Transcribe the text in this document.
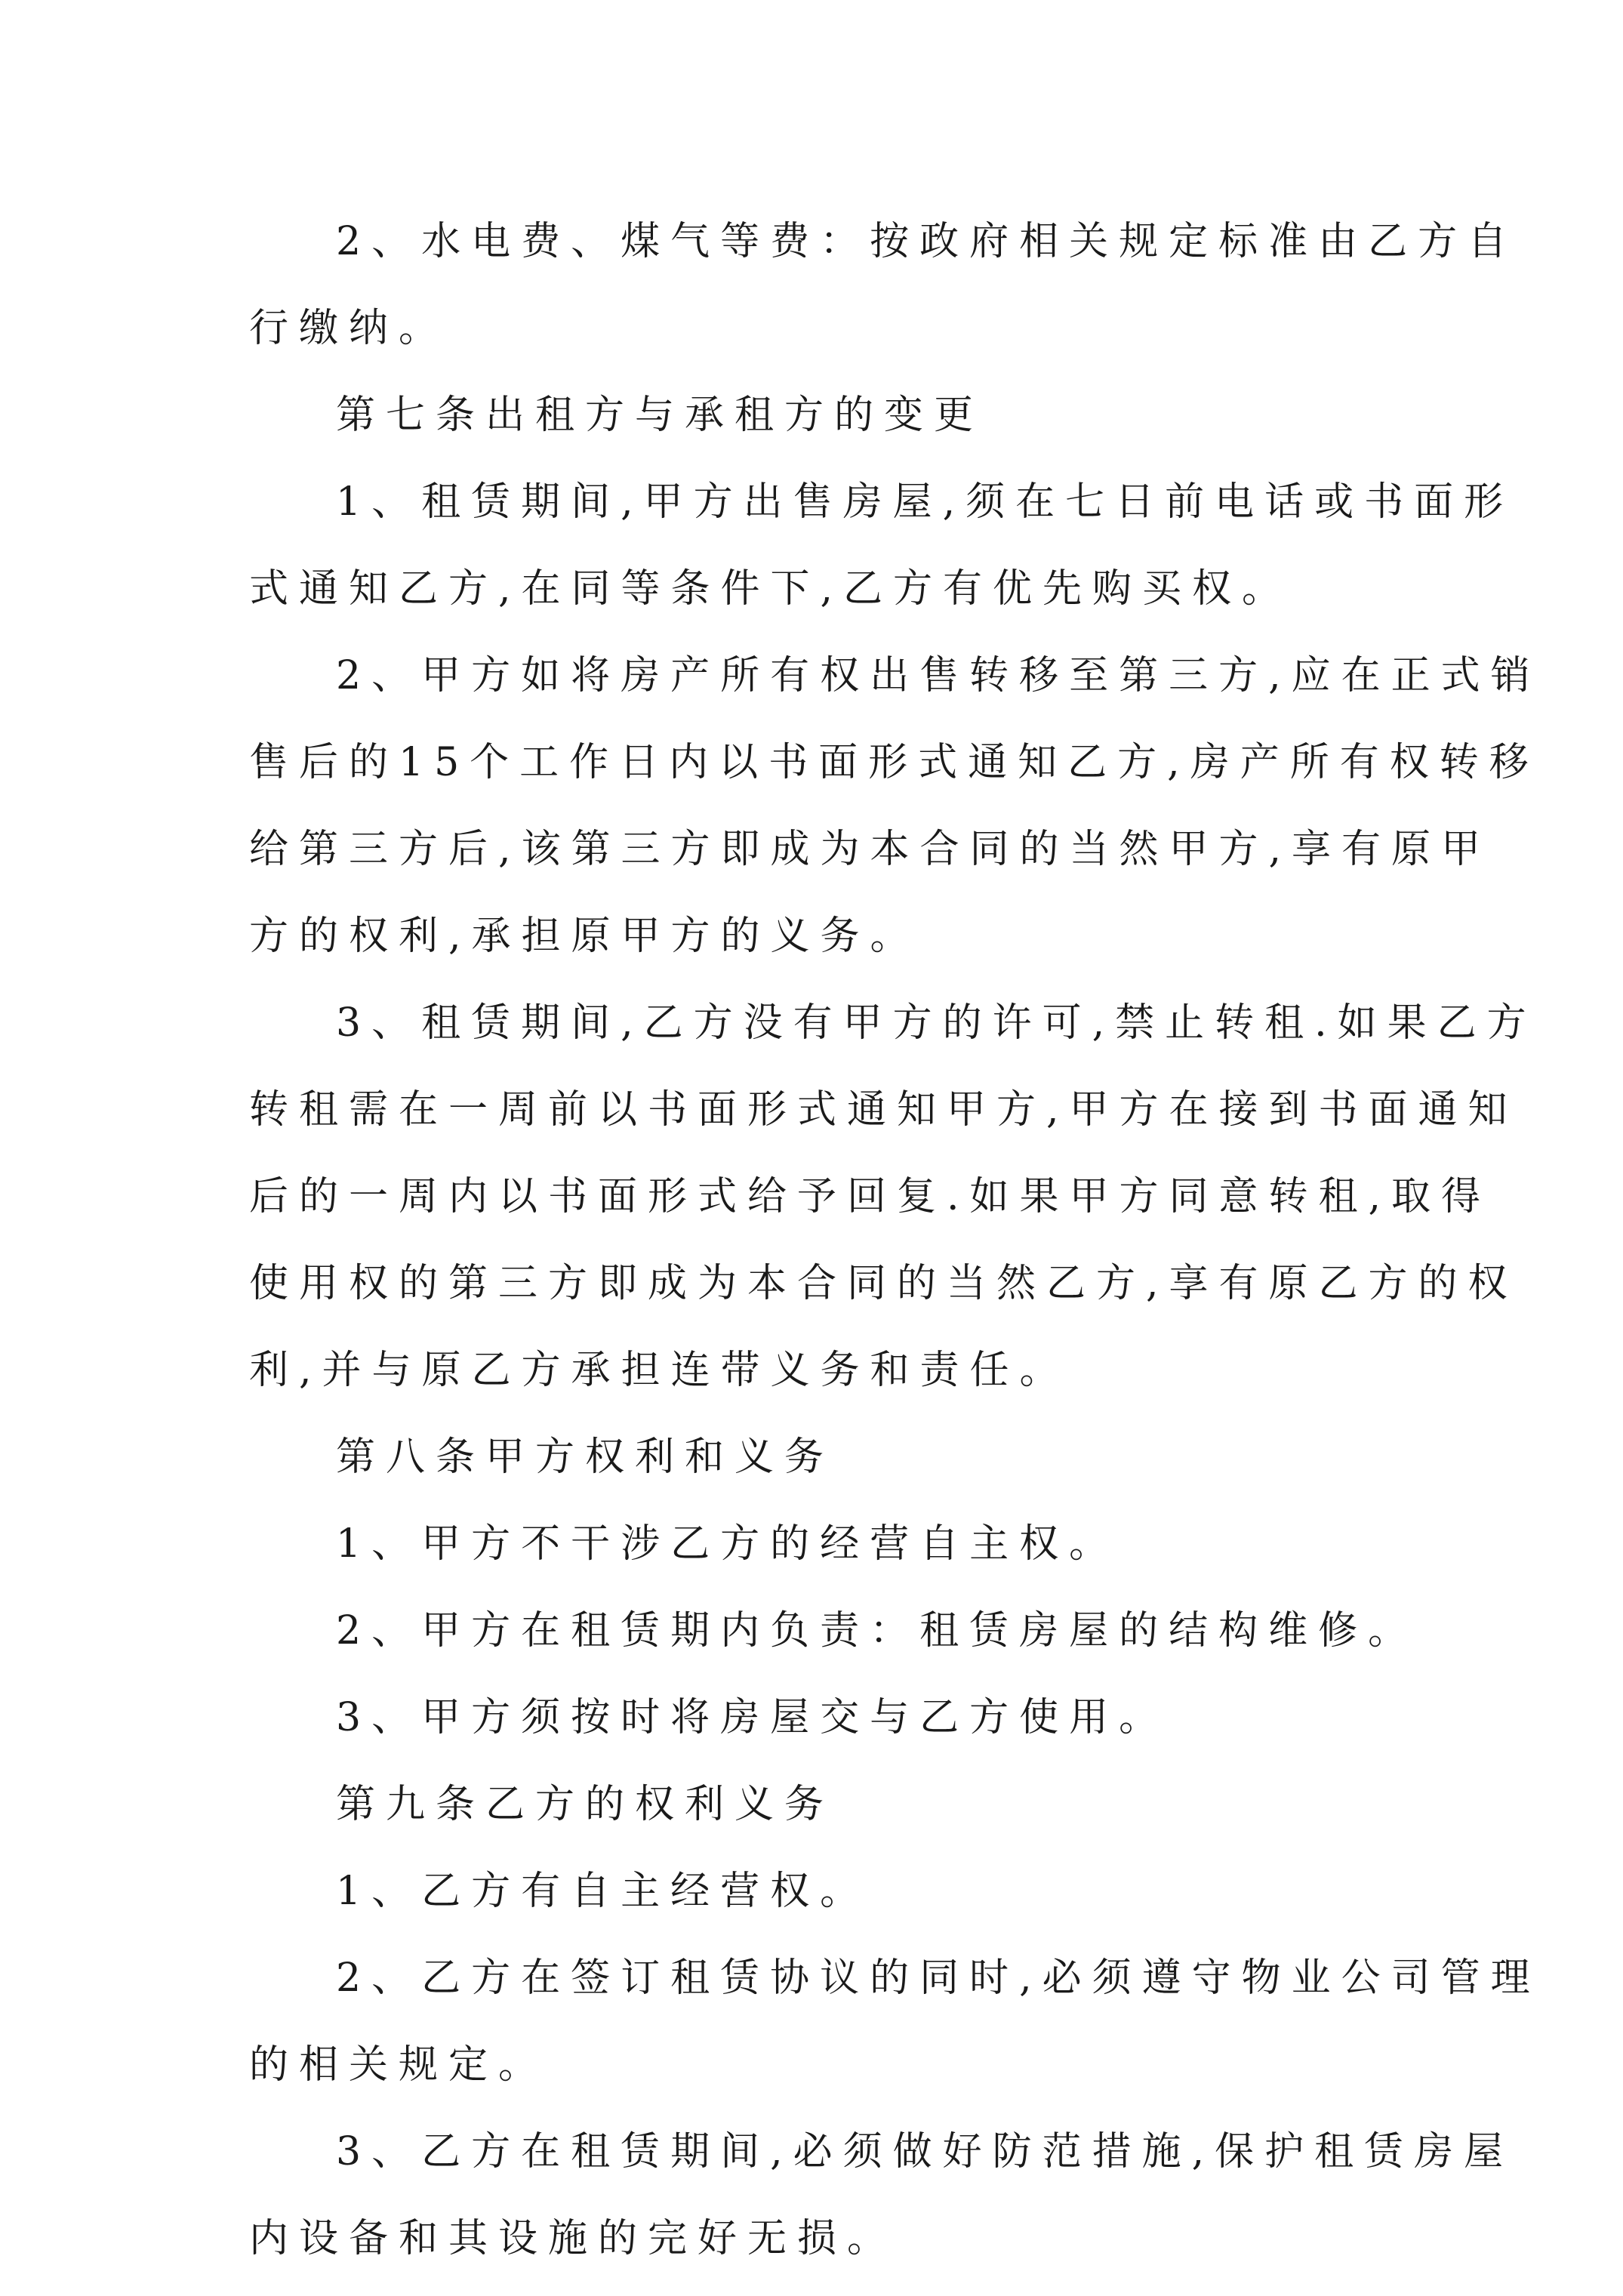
2、水电费、煤气等费：按政府相关规定标准由乙方自
行缴纳。
第七条出租方与承租方的变更
1、租赁期间,甲方出售房屋,须在七日前电话或书面形
式通知乙方,在同等条件下,乙方有优先购买权。
2、甲方如将房产所有权出售转移至第三方,应在正式销
售后的15个工作日内以书面形式通知乙方,房产所有权转移
给第三方后,该第三方即成为本合同的当然甲方,享有原甲
方的权利,承担原甲方的义务。
3、租赁期间,乙方没有甲方的许可,禁止转租.如果乙方
转租需在一周前以书面形式通知甲方,甲方在接到书面通知
后的一周内以书面形式给予回复.如果甲方同意转租,取得
使用权的第三方即成为本合同的当然乙方,享有原乙方的权
利,并与原乙方承担连带义务和责任。
第八条甲方权利和义务
1、甲方不干涉乙方的经营自主权。
2、甲方在租赁期内负责：租赁房屋的结构维修。
3、甲方须按时将房屋交与乙方使用。
第九条乙方的权利义务
1、乙方有自主经营权。
2、乙方在签订租赁协议的同时,必须遵守物业公司管理
的相关规定。
3、乙方在租赁期间,必须做好防范措施,保护租赁房屋
内设备和其设施的完好无损。
